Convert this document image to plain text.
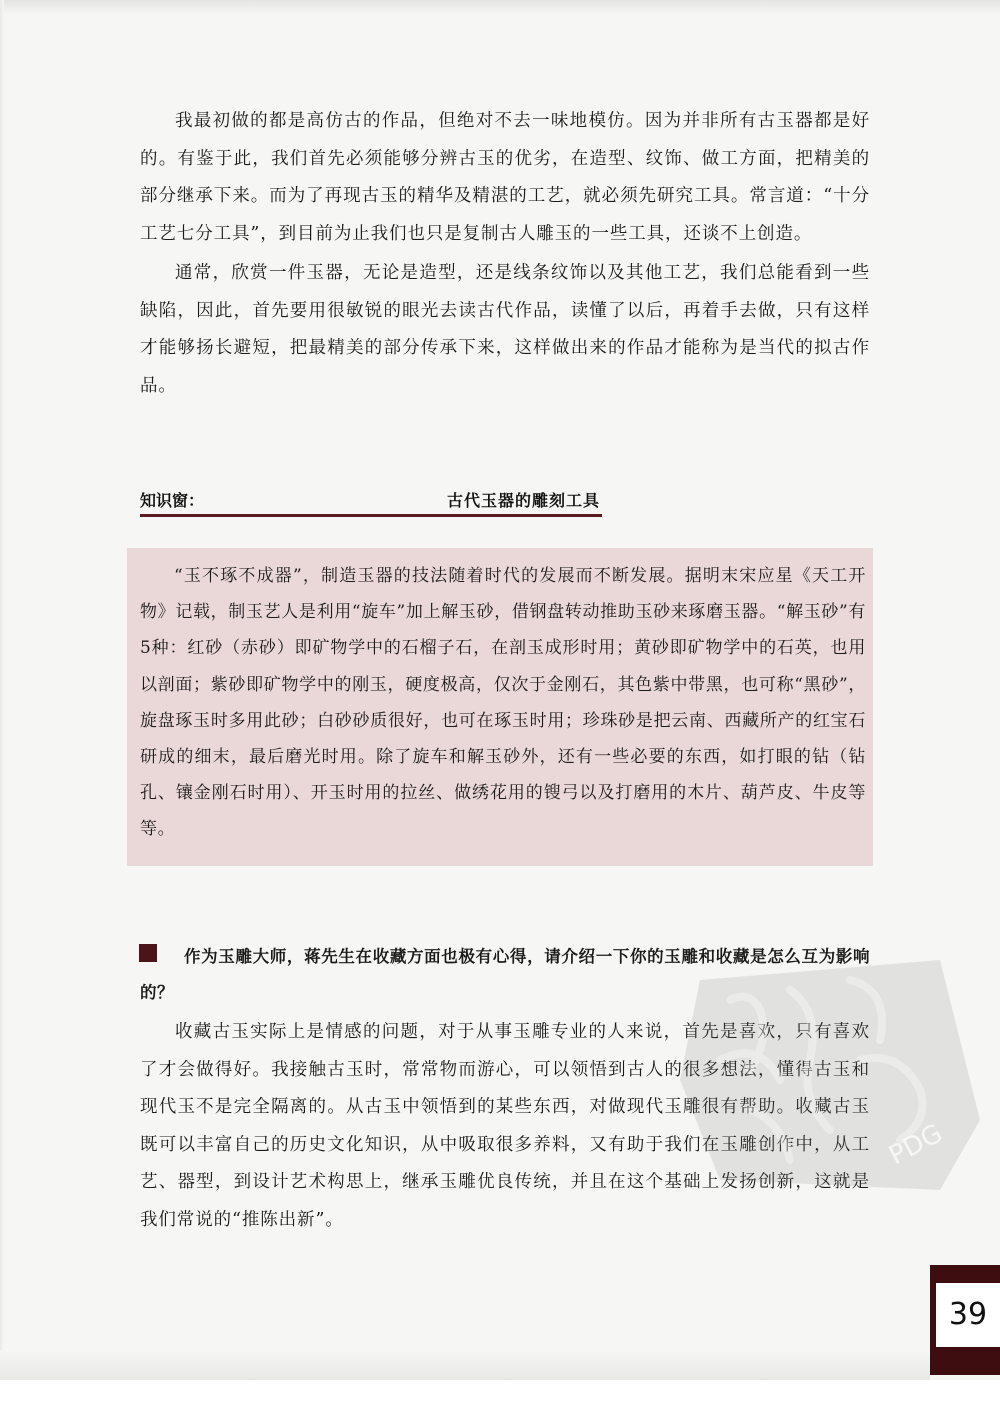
我最初做的都是高仿古的作品，但绝对不去一味地模仿。因为并非所有古玉器都是好的。有鉴于此，我们首先必须能够分辨古玉的优劣，在造型、纹饰、做工方面，把精美的部分继承下来。而为了再现古玉的精华及精湛的工艺，就必须先研究工具。常言道：“十分工艺七分工具”，到目前为止我们也只是复制古人雕玉的一些工具，还谈不上创造。

通常，欣赏一件玉器，无论是造型，还是线条纹饰以及其他工艺，我们总能看到一些缺陷，因此，首先要用很敏锐的眼光去读古代作品，读懂了以后，再着手去做，只有这样才能够扬长避短，把最精美的部分传承下来，这样做出来的作品才能称为是当代的拟古作品。

知识窗：	古代玉器的雕刻工具

“玉不琢不成器”，制造玉器的技法随着时代的发展而不断发展。据明末宋应星《天工开物》记载，制玉艺人是利用“旋车”加上解玉砂，借钢盘转动推助玉砂来琢磨玉器。“解玉砂”有5种：红砂（赤砂）即矿物学中的石榴子石，在剖玉成形时用；黄砂即矿物学中的石英，也用以剖面；紫砂即矿物学中的刚玉，硬度极高，仅次于金刚石，其色紫中带黑，也可称“黑砂”，旋盘琢玉时多用此砂；白砂砂质很好，也可在琢玉时用；珍珠砂是把云南、西藏所产的红宝石研成的细末，最后磨光时用。除了旋车和解玉砂外，还有一些必要的东西，如打眼的钻（钻孔、镶金刚石时用）、开玉时用的拉丝、做绣花用的锼弓以及打磨用的木片、葫芦皮、牛皮等等。

作为玉雕大师，蒋先生在收藏方面也极有心得，请介绍一下你的玉雕和收藏是怎么互为影响的？

收藏古玉实际上是情感的问题，对于从事玉雕专业的人来说，首先是喜欢，只有喜欢了才会做得好。我接触古玉时，常常物而游心，可以领悟到古人的很多想法，懂得古玉和现代玉不是完全隔离的。从古玉中领悟到的某些东西，对做现代玉雕很有帮助。收藏古玉既可以丰富自己的历史文化知识，从中吸取很多养料，又有助于我们在玉雕创作中，从工艺、器型，到设计艺术构思上，继承玉雕优良传统，并且在这个基础上发扬创新，这就是我们常说的“推陈出新”。

PDG
39
